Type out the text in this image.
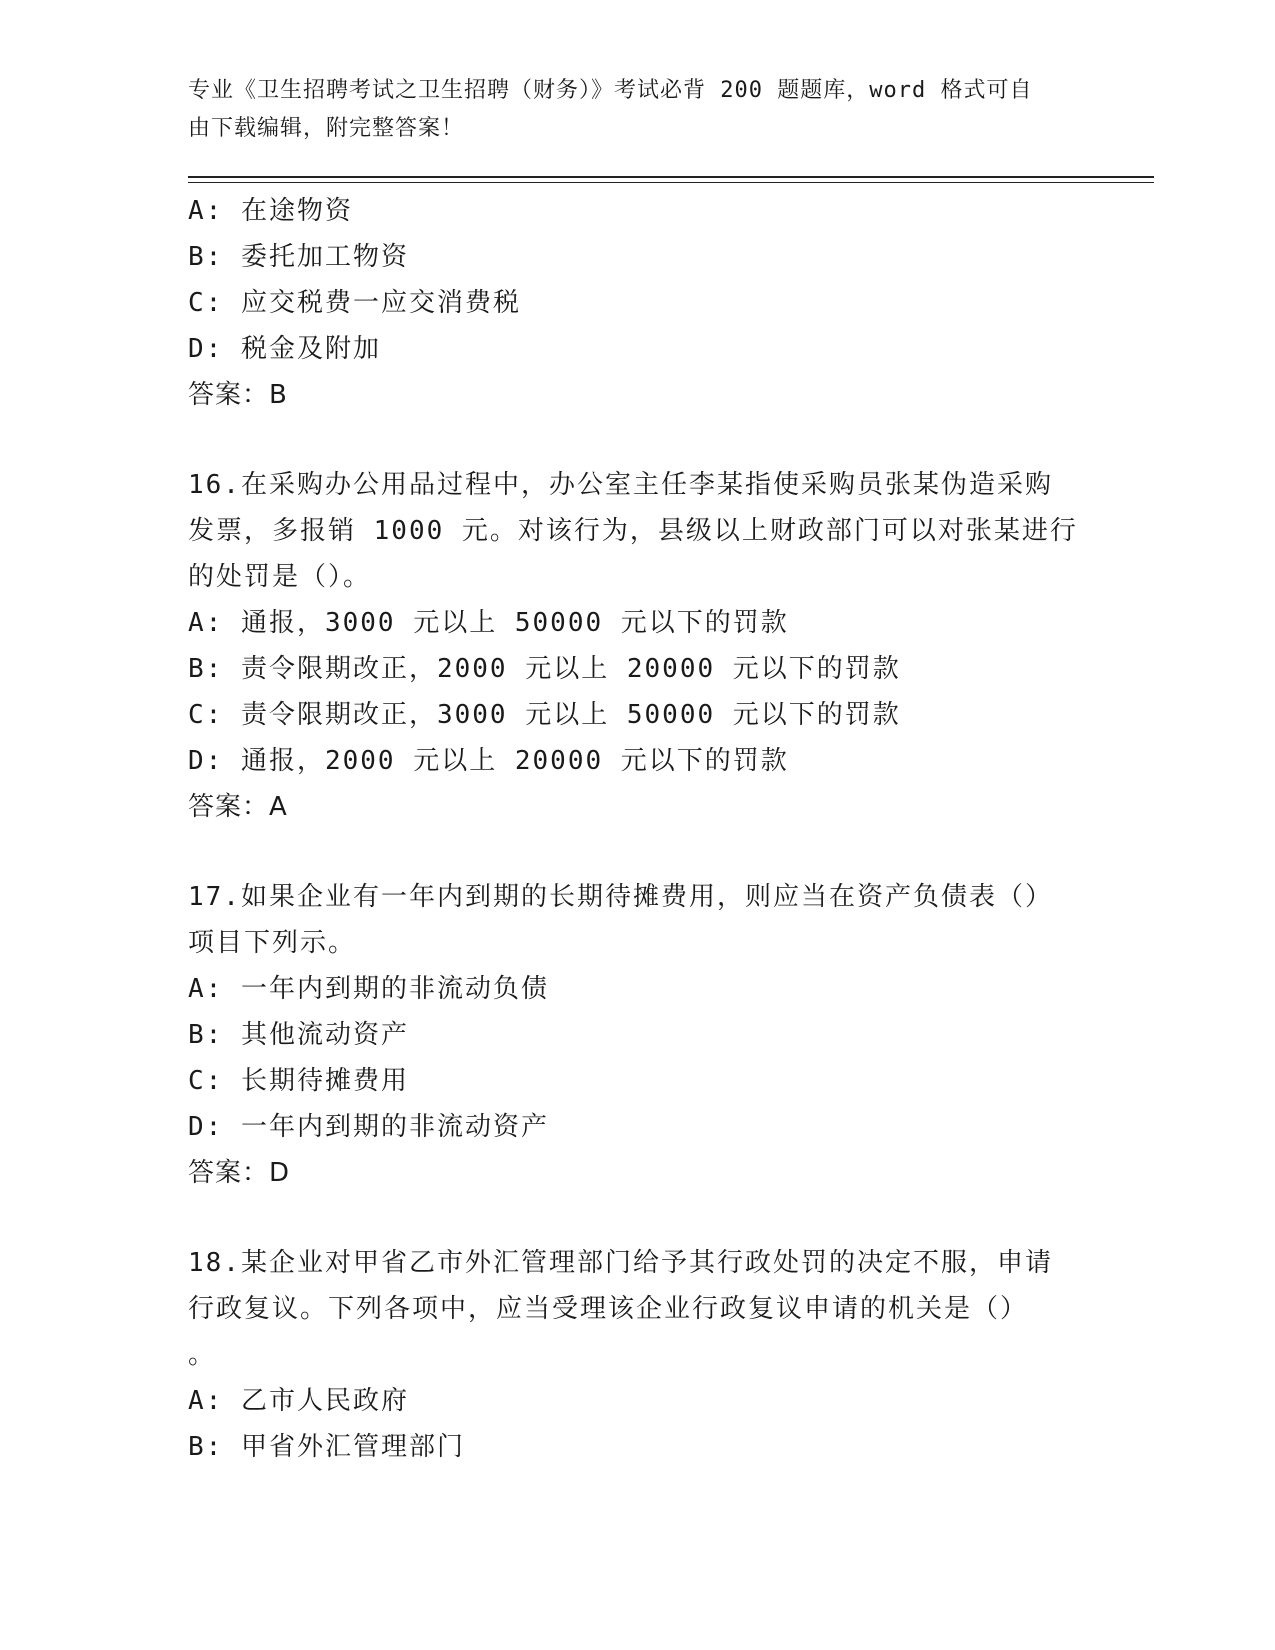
专业《卫生招聘考试之卫生招聘（财务）》考试必背 200 题题库，word 格式可自
由下载编辑，附完整答案！
A: 在途物资
B: 委托加工物资
C: 应交税费一应交消费税
D: 税金及附加
答案：B
16.在采购办公用品过程中，办公室主任李某指使采购员张某伪造采购
发票，多报销 1000 元。对该行为，县级以上财政部门可以对张某进行
的处罚是（）。
A: 通报，3000 元以上 50000 元以下的罚款
B: 责令限期改正，2000 元以上 20000 元以下的罚款
C: 责令限期改正，3000 元以上 50000 元以下的罚款
D: 通报，2000 元以上 20000 元以下的罚款
答案：A
17.如果企业有一年内到期的长期待摊费用，则应当在资产负债表（）
项目下列示。
A: 一年内到期的非流动负债
B: 其他流动资产
C: 长期待摊费用
D: 一年内到期的非流动资产
答案：D
18.某企业对甲省乙市外汇管理部门给予其行政处罚的决定不服，申请
行政复议。下列各项中，应当受理该企业行政复议申请的机关是（）
。
A: 乙市人民政府
B: 甲省外汇管理部门
